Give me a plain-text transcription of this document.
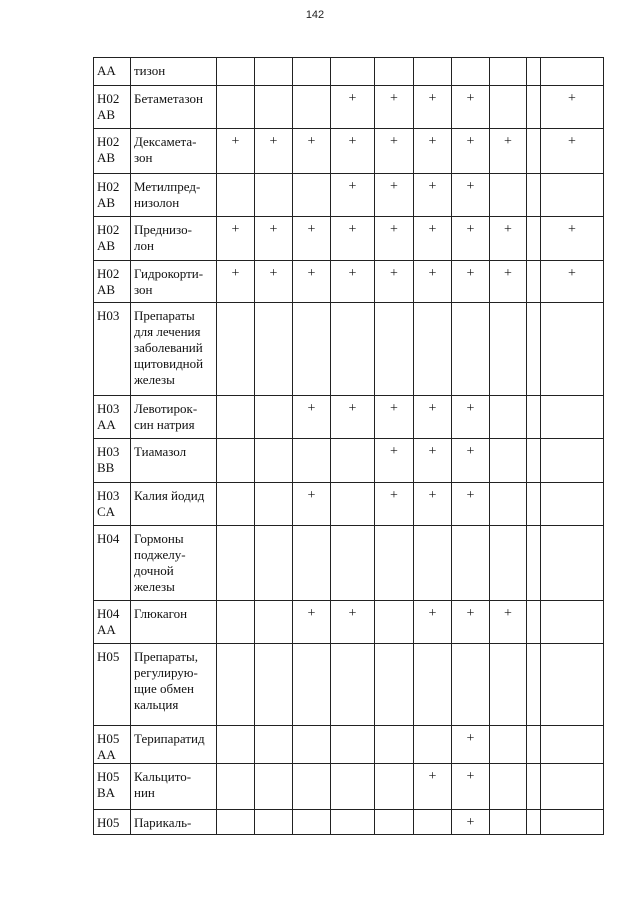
142
AA	тизон										
H02
AB	Бетаметазон				+	+	+	+			+
H02
AB	Дексамета-
зон	+	+	+	+	+	+	+	+		+
H02
AB	Метилпред-
низолон				+	+	+	+			
H02
AB	Преднизо-
лон	+	+	+	+	+	+	+	+		+
H02
AB	Гидрокорти-
зон	+	+	+	+	+	+	+	+		+
H03	Препараты
для лечения
заболеваний
щитовидной
железы										
H03
AA	Левотирок-
син натрия			+	+	+	+	+			
H03
BB	Тиамазол					+	+	+			
H03
CA	Калия йодид			+		+	+	+			
H04	Гормоны
поджелу-
дочной
железы										
H04
AA	Глюкагон			+	+		+	+	+		
H05	Препараты,
регулирую-
щие обмен
кальция										
H05
AA	Терипаратид							+			
H05
BA	Кальцито-
нин						+	+			
H05	Парикаль-							+			
